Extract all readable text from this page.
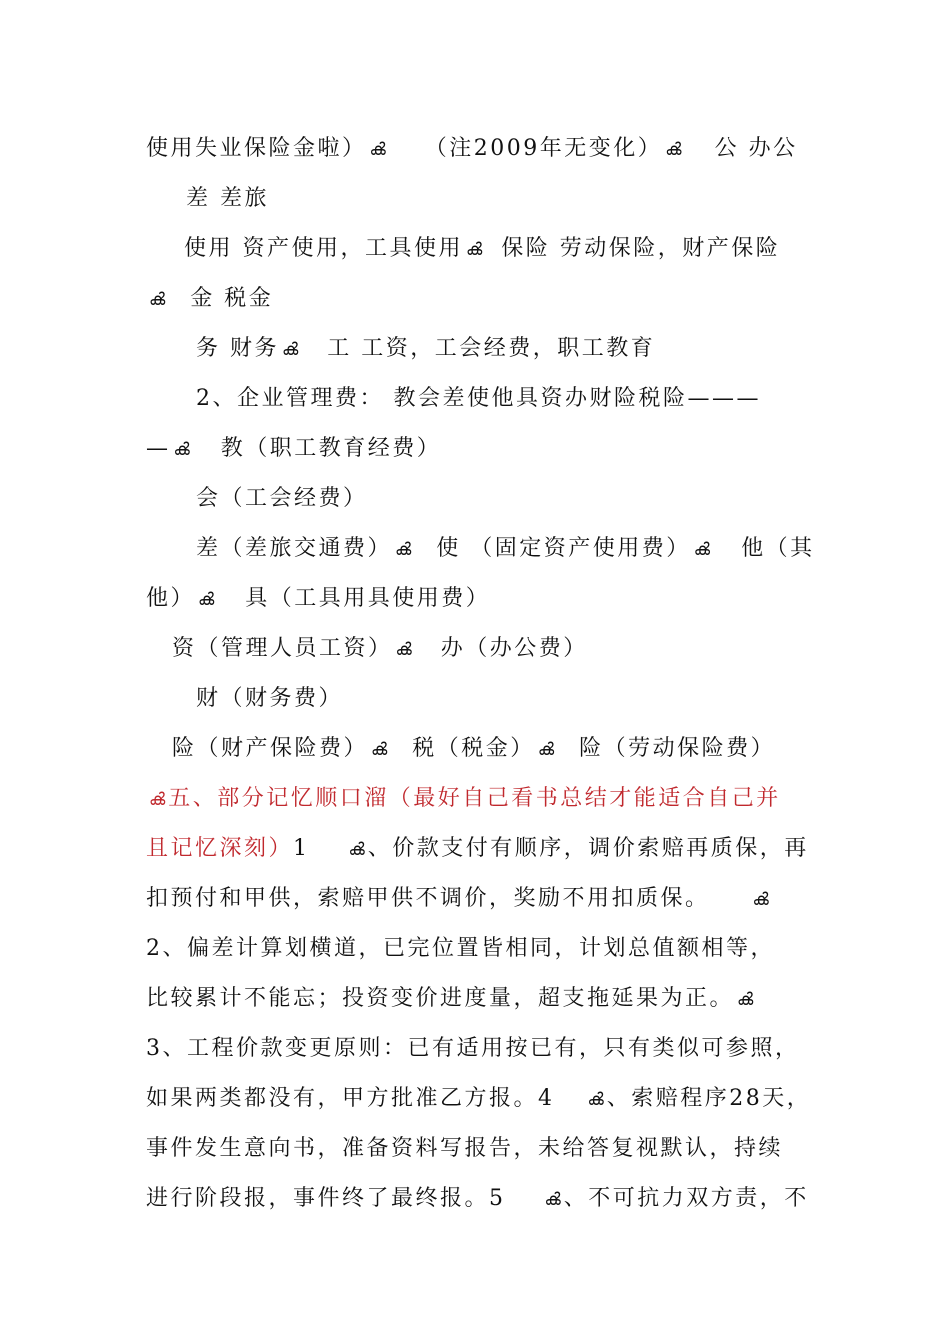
使用失业保险金啦） ൿ （注2009年无变化） ൿ 公 办公
差 差旅
使用 资产使用，工具使用 ൿ 保险 劳动保险，财产保险
ൿ 金 税金
务 财务 ൿ 工 工资，工会经费，职工教育
2、企业管理费： 教会差使他具资办财险税险———
— ൿ 教（职工教育经费）
会（工会经费）
差（差旅交通费） ൿ 使 （固定资产使用费） ൿ 他（其
他） ൿ 具（工具用具使用费）
资（管理人员工资） ൿ 办（办公费）
财（财务费）
险（财产保险费） ൿ 税（税金） ൿ 险（劳动保险费）
ൿ 五、部分记忆顺口溜（最好自己看书总结才能适合自己并
且记忆深刻）1 ൿ 、价款支付有顺序，调价索赔再质保，再
扣预付和甲供，索赔甲供不调价，奖励不用扣质保。	ൿ
2、偏差计算划横道，已完位置皆相同，计划总值额相等，
比较累计不能忘；投资变价进度量，超支拖延果为正。 ൿ
3、工程价款变更原则：已有适用按已有，只有类似可参照，
如果两类都没有，甲方批准乙方报。4 ൿ 、索赔程序28天，
事件发生意向书，准备资料写报告，未给答复视默认，持续
进行阶段报，事件终了最终报。5 ൿ 、不可抗力双方责，不
